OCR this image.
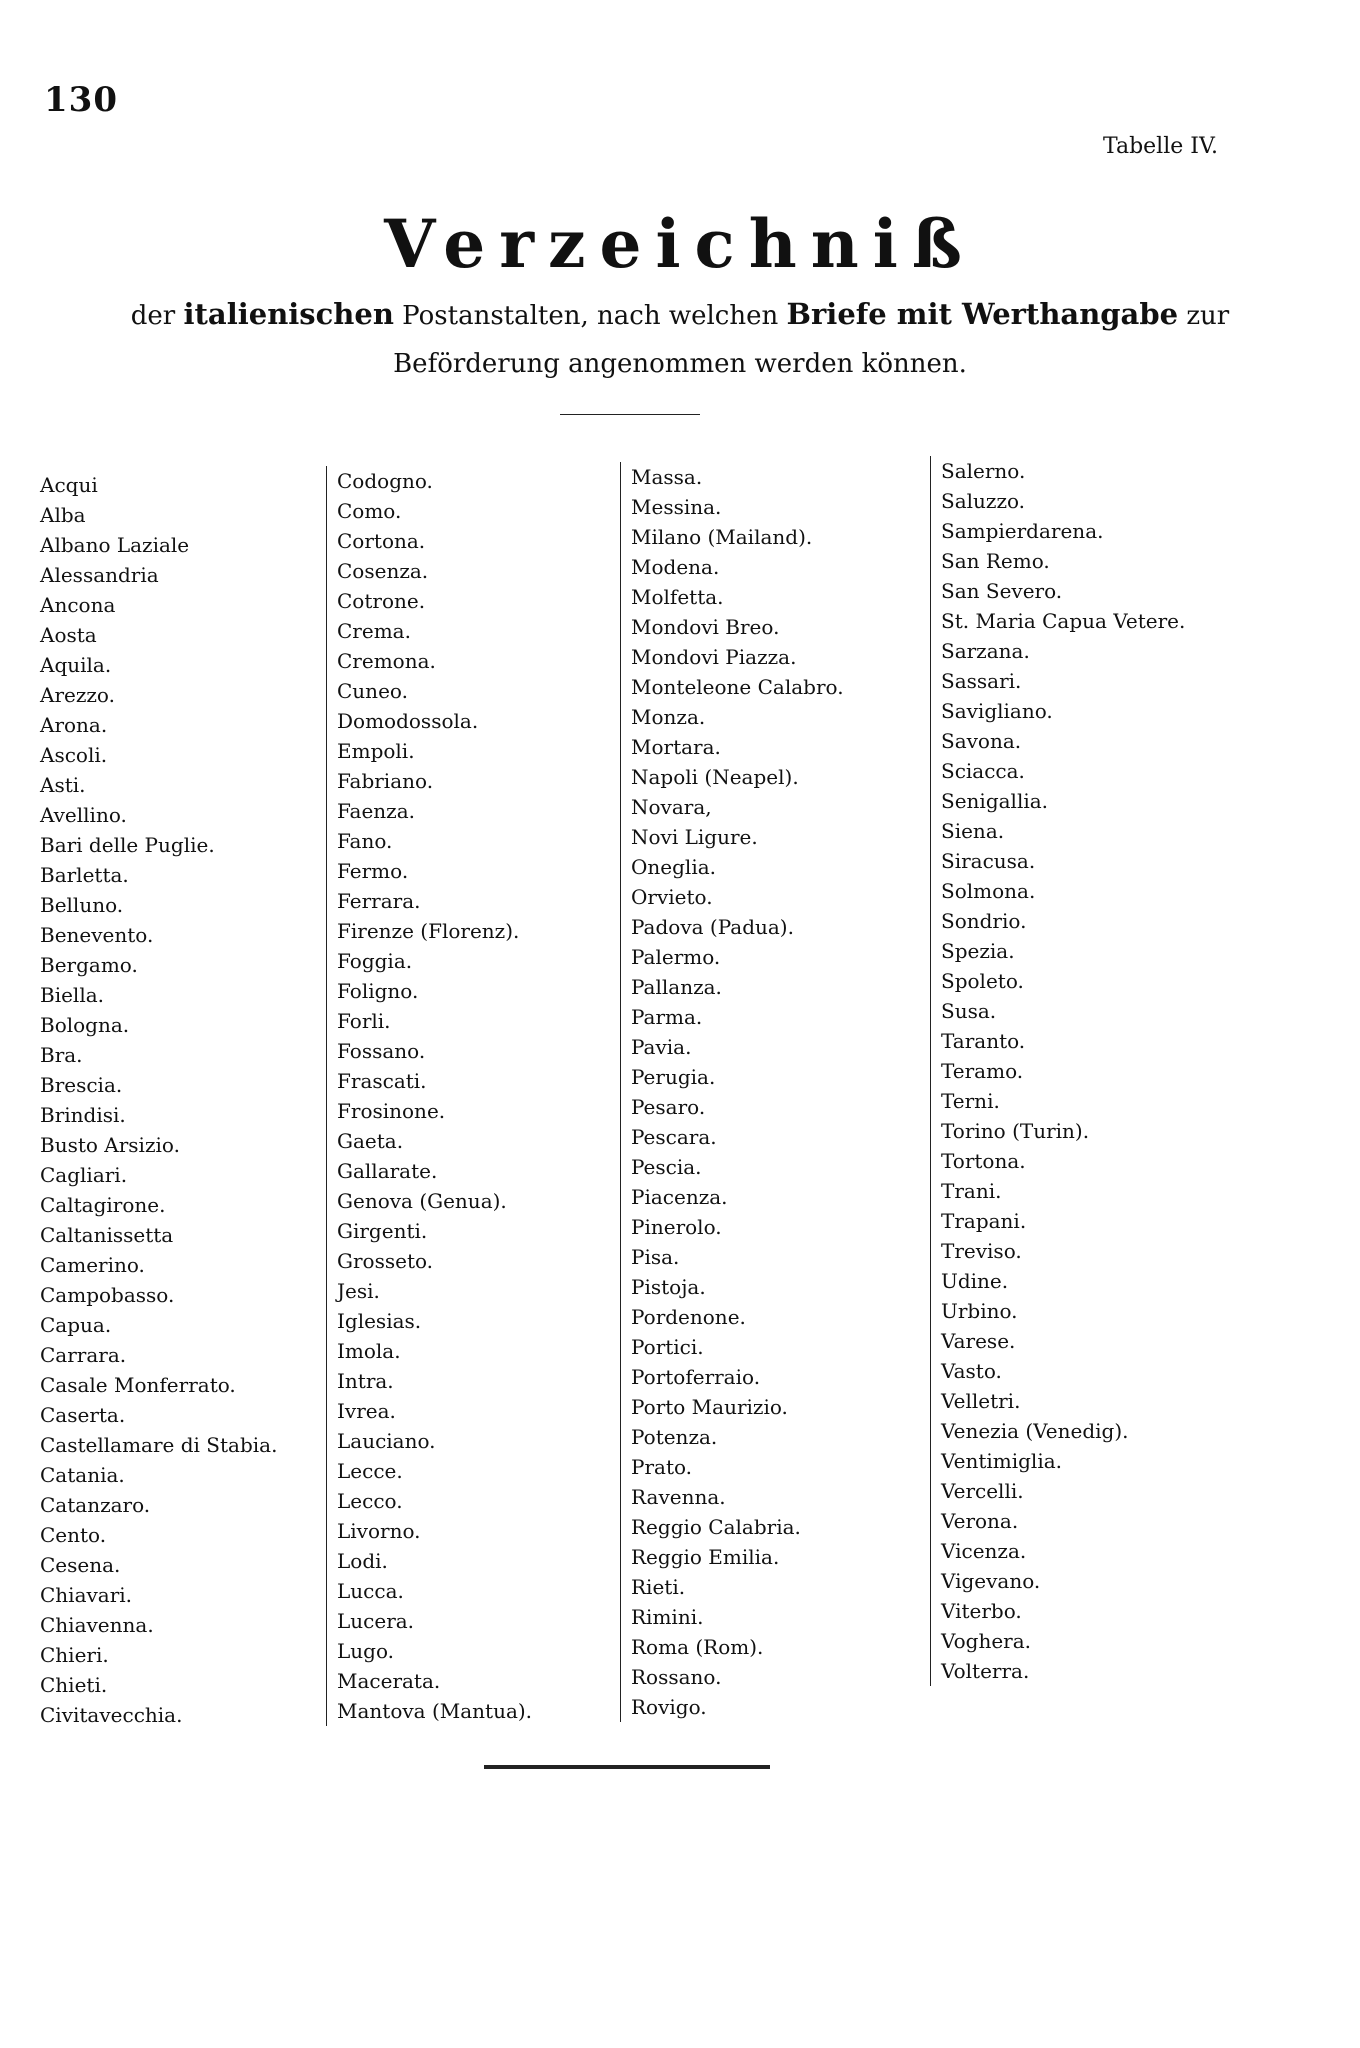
130
Tabelle IV.
Verzeichniß
der italienischen Postanstalten, nach welchen Briefe mit Werthangabe zur
Beförderung angenommen werden können.
Acqui
Alba
Albano Laziale
Alessandria
Ancona
Aosta
Aquila.
Arezzo.
Arona.
Ascoli.
Asti.
Avellino.
Bari delle Puglie.
Barletta.
Belluno.
Benevento.
Bergamo.
Biella.
Bologna.
Bra.
Brescia.
Brindisi.
Busto Arsizio.
Cagliari.
Caltagirone.
Caltanissetta
Camerino.
Campobasso.
Capua.
Carrara.
Casale Monferrato.
Caserta.
Castellamare di Stabia.
Catania.
Catanzaro.
Cento.
Cesena.
Chiavari.
Chiavenna.
Chieri.
Chieti.
Civitavecchia.
Codogno.
Como.
Cortona.
Cosenza.
Cotrone.
Crema.
Cremona.
Cuneo.
Domodossola.
Empoli.
Fabriano.
Faenza.
Fano.
Fermo.
Ferrara.
Firenze (Florenz).
Foggia.
Foligno.
Forli.
Fossano.
Frascati.
Frosinone.
Gaeta.
Gallarate.
Genova (Genua).
Girgenti.
Grosseto.
Jesi.
Iglesias.
Imola.
Intra.
Ivrea.
Lauciano.
Lecce.
Lecco.
Livorno.
Lodi.
Lucca.
Lucera.
Lugo.
Macerata.
Mantova (Mantua).
Massa.
Messina.
Milano (Mailand).
Modena.
Molfetta.
Mondovi Breo.
Mondovi Piazza.
Monteleone Calabro.
Monza.
Mortara.
Napoli (Neapel).
Novara,
Novi Ligure.
Oneglia.
Orvieto.
Padova (Padua).
Palermo.
Pallanza.
Parma.
Pavia.
Perugia.
Pesaro.
Pescara.
Pescia.
Piacenza.
Pinerolo.
Pisa.
Pistoja.
Pordenone.
Portici.
Portoferraio.
Porto Maurizio.
Potenza.
Prato.
Ravenna.
Reggio Calabria.
Reggio Emilia.
Rieti.
Rimini.
Roma (Rom).
Rossano.
Rovigo.
Salerno.
Saluzzo.
Sampierdarena.
San Remo.
San Severo.
St. Maria Capua Vetere.
Sarzana.
Sassari.
Savigliano.
Savona.
Sciacca.
Senigallia.
Siena.
Siracusa.
Solmona.
Sondrio.
Spezia.
Spoleto.
Susa.
Taranto.
Teramo.
Terni.
Torino (Turin).
Tortona.
Trani.
Trapani.
Treviso.
Udine.
Urbino.
Varese.
Vasto.
Velletri.
Venezia (Venedig).
Ventimiglia.
Vercelli.
Verona.
Vicenza.
Vigevano.
Viterbo.
Voghera.
Volterra.
